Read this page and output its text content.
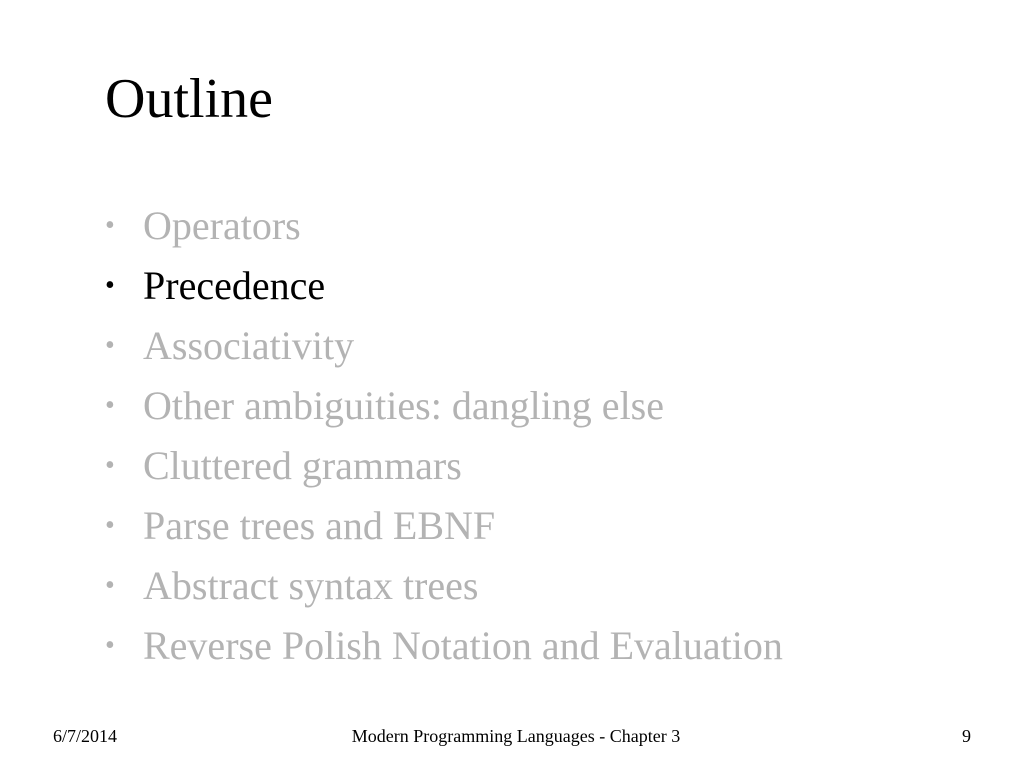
Outline
• Operators
• Precedence
• Associativity
• Other ambiguities: dangling else
• Cluttered grammars
• Parse trees and EBNF
• Abstract syntax trees
• Reverse Polish Notation and Evaluation
6/7/2014	Modern Programming Languages - Chapter 3	9
